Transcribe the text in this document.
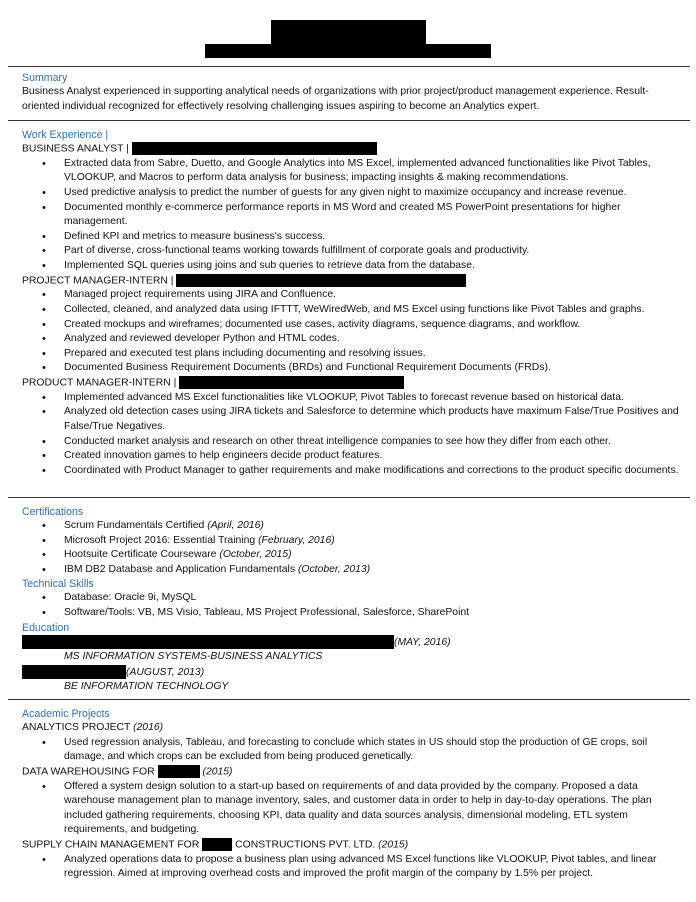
Summary

Business Analyst experienced in supporting analytical needs of organizations with prior project/product management experience. Result-oriented individual recognized for effectively resolving challenging issues aspiring to become an Analytics expert.

Work Experience |
BUSINESS ANALYST |
• Extracted data from Sabre, Duetto, and Google Analytics into MS Excel, implemented advanced functionalities like Pivot Tables, VLOOKUP, and Macros to perform data analysis for business; impacting insights & making recommendations.
• Used predictive analysis to predict the number of guests for any given night to maximize occupancy and increase revenue.
• Documented monthly e-commerce performance reports in MS Word and created MS PowerPoint presentations for higher management.
• Defined KPI and metrics to measure business's success.
• Part of diverse, cross-functional teams working towards fulfillment of corporate goals and productivity.
• Implemented SQL queries using joins and sub queries to retrieve data from the database.
PROJECT MANAGER-INTERN |
• Managed project requirements using JIRA and Confluence.
• Collected, cleaned, and analyzed data using IFTTT, WeWiredWeb, and MS Excel using functions like Pivot Tables and graphs.
• Created mockups and wireframes; documented use cases, activity diagrams, sequence diagrams, and workflow.
• Analyzed and reviewed developer Python and HTML codes.
• Prepared and executed test plans including documenting and resolving issues.
• Documented Business Requirement Documents (BRDs) and Functional Requirement Documents (FRDs).
PRODUCT MANAGER-INTERN |
• Implemented advanced MS Excel functionalities like VLOOKUP, Pivot Tables to forecast revenue based on historical data.
• Analyzed old detection cases using JIRA tickets and Salesforce to determine which products have maximum False/True Positives and False/True Negatives.
• Conducted market analysis and research on other threat intelligence companies to see how they differ from each other.
• Created innovation games to help engineers decide product features.
• Coordinated with Product Manager to gather requirements and make modifications and corrections to the product specific documents.
Certifications
• Scrum Fundamentals Certified (April, 2016)
• Microsoft Project 2016: Essential Training (February, 2016)
• Hootsuite Certificate Courseware (October, 2015)
• IBM DB2 Database and Application Fundamentals (October, 2013)
Technical Skills
• Database: Oracle 9i, MySQL
• Software/Tools: VB, MS Visio, Tableau, MS Project Professional, Salesforce, SharePoint
Education
(MAY, 2016)
MS INFORMATION SYSTEMS-BUSINESS ANALYTICS
(AUGUST, 2013)
BE INFORMATION TECHNOLOGY
Academic Projects
ANALYTICS PROJECT (2016)
• Used regression analysis, Tableau, and forecasting to conclude which states in US should stop the production of GE crops, soil damage, and which crops can be excluded from being produced genetically.
DATA WAREHOUSING FOR	(2015)
• Offered a system design solution to a start-up based on requirements of and data provided by the company. Proposed a data warehouse management plan to manage inventory, sales, and customer data in order to help in day-to-day operations. The plan included gathering requirements, choosing KPI, data quality and data sources analysis, dimensional modeling, ETL system requirements, and budgeting.
SUPPLY CHAIN MANAGEMENT FOR	CONSTRUCTIONS PVT. LTD. (2015)
• Analyzed operations data to propose a business plan using advanced MS Excel functions like VLOOKUP, Pivot tables, and linear regression. Aimed at improving overhead costs and improved the profit margin of the company by 1.5% per project.
